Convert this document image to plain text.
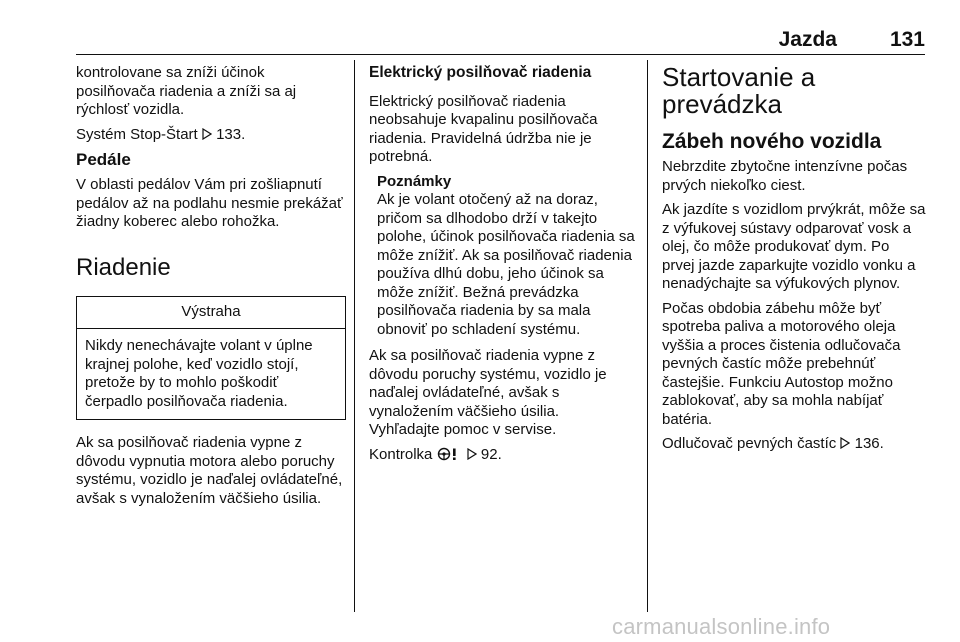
Jazda	131

kontrolovane sa zníži účinok posilňovača riadenia a zníži sa aj rýchlosť vozidla.

Systém Stop-Štart 133.

Pedále

V oblasti pedálov Vám pri zošliapnutí pedálov až na podlahu nesmie prekážať žiadny koberec alebo rohožka.

Riadenie
Výstraha

Nikdy nenechávajte volant v úplne krajnej polohe, keď vozidlo stojí, pretože by to mohlo poškodiť čerpadlo posilňovača riadenia.

Ak sa posilňovač riadenia vypne z dôvodu vypnutia motora alebo poruchy systému, vozidlo je naďalej ovládateľné, avšak s vynaložením väčšieho úsilia.

Elektrický posilňovač riadenia

Elektrický posilňovač riadenia neobsahuje kvapalinu posilňovača riadenia. Pravidelná údržba nie je potrebná.

Poznámky

Ak je volant otočený až na doraz, pričom sa dlhodobo drží v takejto polohe, účinok posilňovača riadenia sa môže znížiť. Ak sa posilňovač riadenia používa dlhú dobu, jeho účinok sa môže znížiť. Bežná prevádzka posilňovača riadenia by sa mala obnoviť po schladení systému.

Ak sa posilňovač riadenia vypne z dôvodu poruchy systému, vozidlo je naďalej ovládateľné, avšak s vynaložením väčšieho úsilia.

Vyhľadajte pomoc v servise.

Kontrolka
	92.

Startovanie a
prevádzka
Zábeh nového vozidla

Nebrzdite zbytočne intenzívne počas prvých niekoľko ciest.

Ak jazdíte s vozidlom prvýkrát, môže sa z výfukovej sústavy odparovať vosk a olej, čo môže produkovať dym. Po prvej jazde zaparkujte vozidlo vonku a nenadýchajte sa výfukových plynov.

Počas obdobia zábehu môže byť spotreba paliva a motorového oleja vyššia a proces čistenia odlučovača pevných častíc môže prebehnúť častejšie. Funkciu Autostop možno zablokovať, aby sa mohla nabíjať batéria.

Odlučovač pevných častíc 136.

carmanualsonline.info
